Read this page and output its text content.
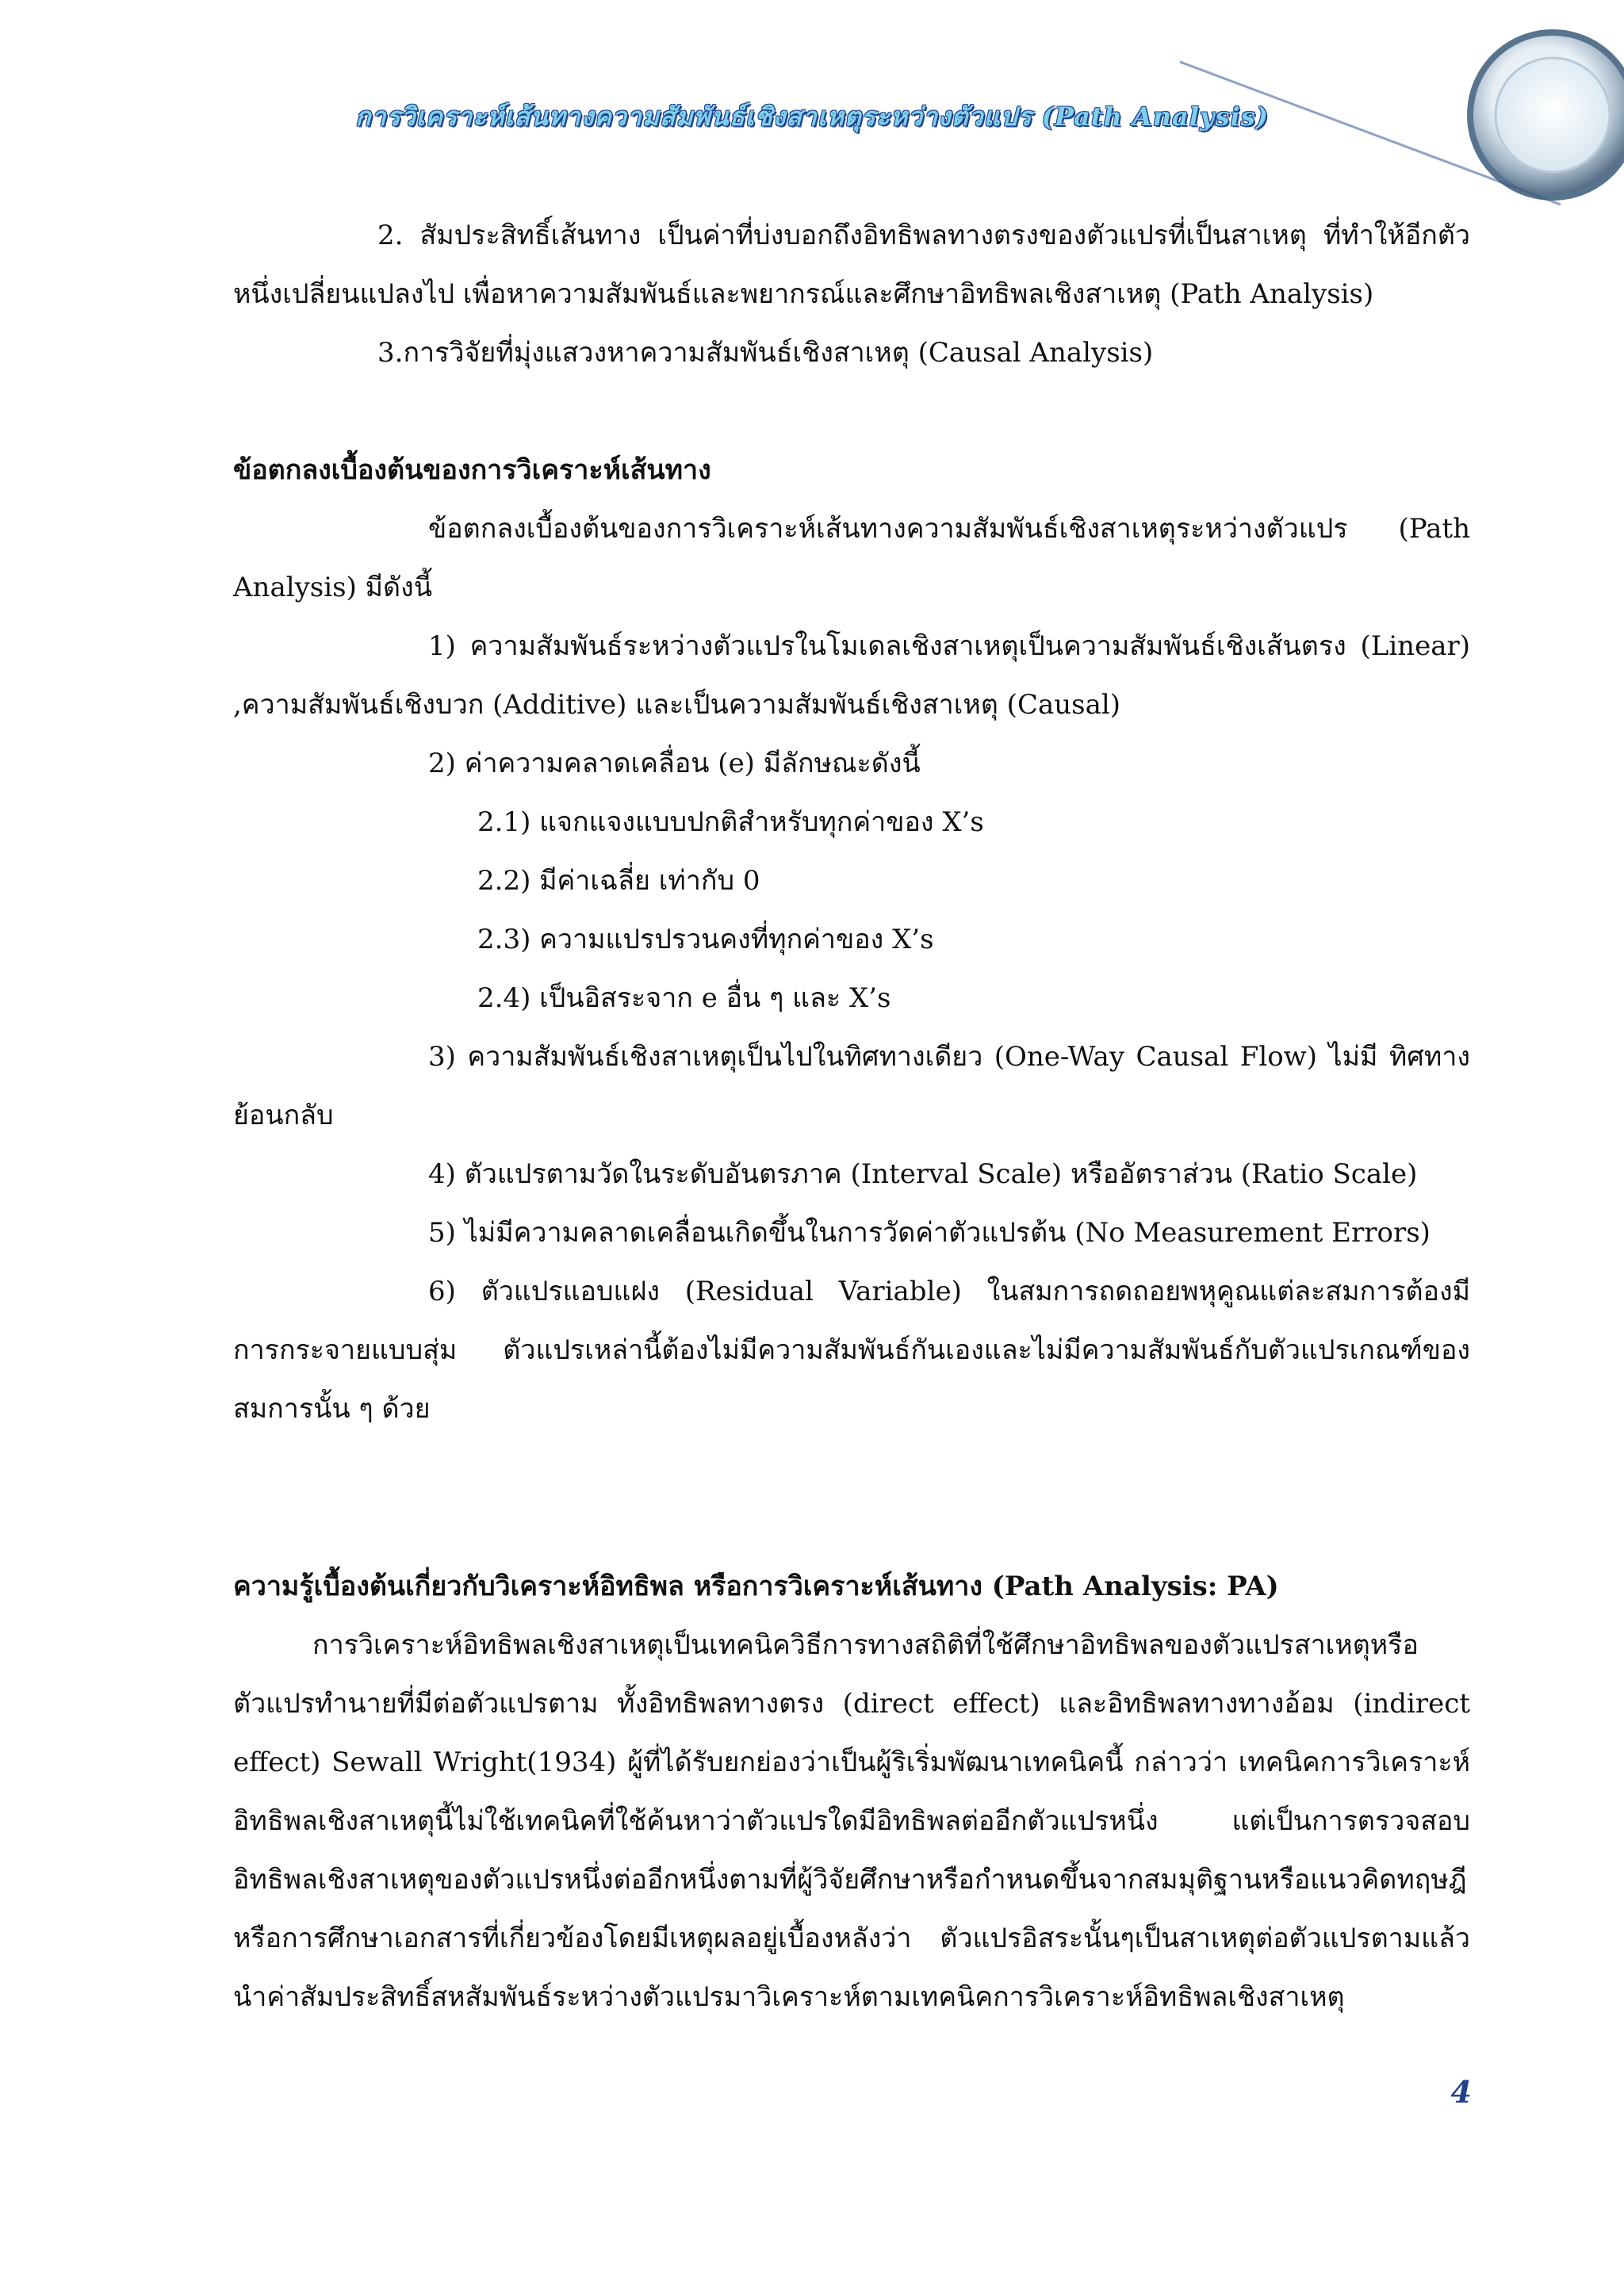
การวิเคราะห์เส้นทางความสัมพันธ์เชิงสาเหตุระหว่างตัวแปร (Path Analysis)

2. สัมประสิทธิ์เส้นทาง เป็นค่าที่บ่งบอกถึงอิทธิพลทางตรงของตัวแปรที่เป็นสาเหตุ ที่ทำให้อีกตัวหนึ่งเปลี่ยนแปลงไป เพื่อหาความสัมพันธ์และพยากรณ์และศึกษาอิทธิพลเชิงสาเหตุ (Path Analysis)

3.การวิจัยที่มุ่งแสวงหาความสัมพันธ์เชิงสาเหตุ (Causal Analysis)

ข้อตกลงเบื้องต้นของการวิเคราะห์เส้นทาง

ข้อตกลงเบื้องต้นของการวิเคราะห์เส้นทางความสัมพันธ์เชิงสาเหตุระหว่างตัวแปร (Path Analysis) มีดังนี้

1) ความสัมพันธ์ระหว่างตัวแปรในโมเดลเชิงสาเหตุเป็นความสัมพันธ์เชิงเส้นตรง (Linear) ,ความสัมพันธ์เชิงบวก (Additive) และเป็นความสัมพันธ์เชิงสาเหตุ (Causal)

2) ค่าความคลาดเคลื่อน (e) มีลักษณะดังนี้

2.1) แจกแจงแบบปกติสำหรับทุกค่าของ X’s

2.2) มีค่าเฉลี่ย เท่ากับ 0

2.3) ความแปรปรวนคงที่ทุกค่าของ X’s

2.4) เป็นอิสระจาก e อื่น ๆ และ X’s

3) ความสัมพันธ์เชิงสาเหตุเป็นไปในทิศทางเดียว (One-Way Causal Flow) ไม่มี ทิศทางย้อนกลับ

4) ตัวแปรตามวัดในระดับอันตรภาค (Interval Scale) หรืออัตราส่วน (Ratio Scale)

5) ไม่มีความคลาดเคลื่อนเกิดขึ้นในการวัดค่าตัวแปรต้น (No Measurement Errors)

6) ตัวแปรแอบแฝง (Residual Variable) ในสมการถดถอยพหุคูณแต่ละสมการต้องมี การกระจายแบบสุ่ม ตัวแปรเหล่านี้ต้องไม่มีความสัมพันธ์กันเองและไม่มีความสัมพันธ์กับตัวแปรเกณฑ์ของสมการนั้น ๆ ด้วย

ความรู้เบื้องต้นเกี่ยวกับวิเคราะห์อิทธิพล หรือการวิเคราะห์เส้นทาง (Path Analysis: PA)

การวิเคราะห์อิทธิพลเชิงสาเหตุเป็นเทคนิควิธีการทางสถิติที่ใช้ศึกษาอิทธิพลของตัวแปรสาเหตุหรือตัวแปรทำนายที่มีต่อตัวแปรตาม ทั้งอิทธิพลทางตรง (direct effect) และอิทธิพลทางทางอ้อม (indirect effect) Sewall Wright(1934) ผู้ที่ได้รับยกย่องว่าเป็นผู้ริเริ่มพัฒนาเทคนิคนี้ กล่าวว่า เทคนิคการวิเคราะห์อิทธิพลเชิงสาเหตุนี้ไม่ใช้เทคนิคที่ใช้ค้นหาว่าตัวแปรใดมีอิทธิพลต่ออีกตัวแปรหนึ่ง แต่เป็นการตรวจสอบอิทธิพลเชิงสาเหตุของตัวแปรหนึ่งต่ออีกหนึ่งตามที่ผู้วิจัยศึกษาหรือกำหนดขึ้นจากสมมุติฐานหรือแนวคิดทฤษฎีหรือการศึกษาเอกสารที่เกี่ยวข้องโดยมีเหตุผลอยู่เบื้องหลังว่า ตัวแปรอิสระนั้นๆเป็นสาเหตุต่อตัวแปรตามแล้วนำค่าสัมประสิทธิ์สหสัมพันธ์ระหว่างตัวแปรมาวิเคราะห์ตามเทคนิคการวิเคราะห์อิทธิพลเชิงสาเหตุ

4
